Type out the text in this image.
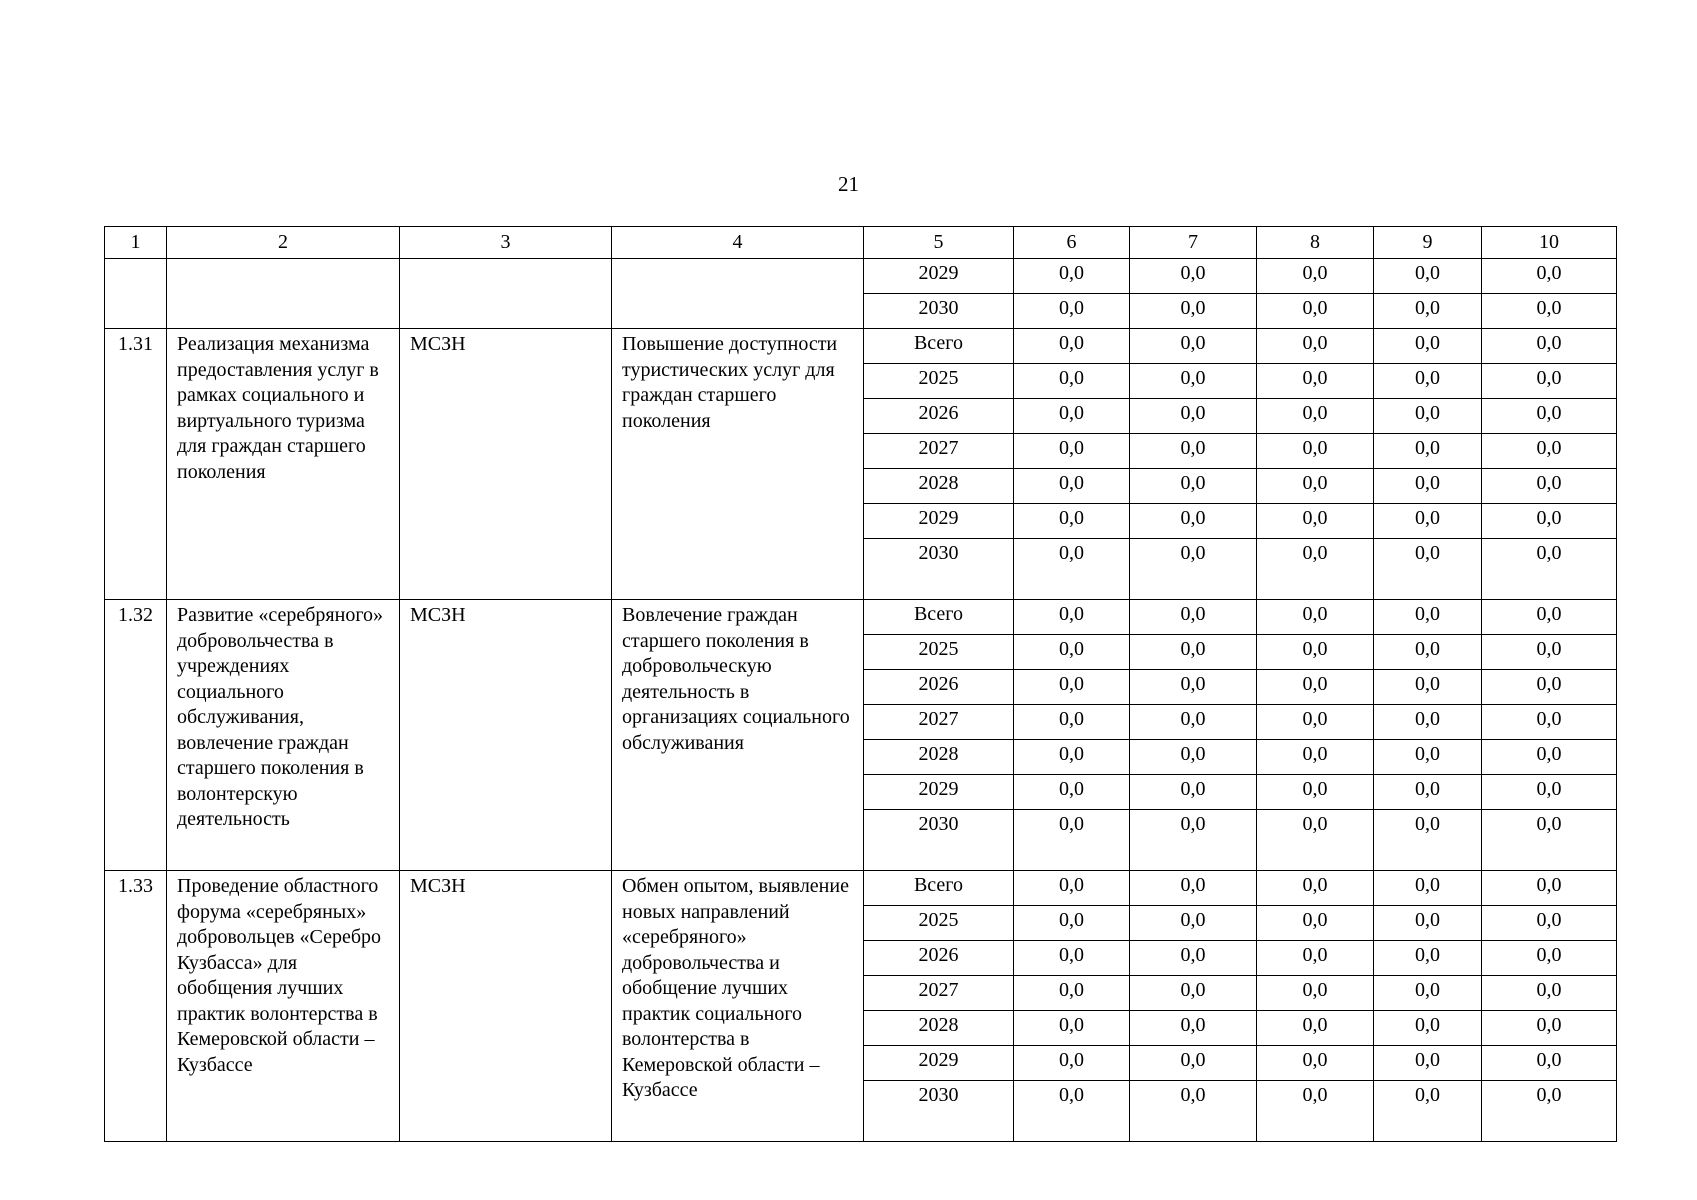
21
1	2	3	4	5	6	7	8	9	10
				2029	0,0	0,0	0,0	0,0	0,0
				2030	0,0	0,0	0,0	0,0	0,0
1.31	Реализация механизма предоставления услуг в рамках социального и виртуального туризма для граждан старшего поколения	МСЗН	Повышение доступности туристических услуг для граждан старшего поколения	Всего	0,0	0,0	0,0	0,0	0,0
				2025	0,0	0,0	0,0	0,0	0,0
				2026	0,0	0,0	0,0	0,0	0,0
				2027	0,0	0,0	0,0	0,0	0,0
				2028	0,0	0,0	0,0	0,0	0,0
				2029	0,0	0,0	0,0	0,0	0,0
				2030	0,0	0,0	0,0	0,0	0,0
1.32	Развитие «серебряного» добровольчества в учреждениях социального обслуживания, вовлечение граждан старшего поколения в волонтерскую деятельность	МСЗН	Вовлечение граждан старшего поколения в добровольческую деятельность в организациях социального обслуживания	Всего	0,0	0,0	0,0	0,0	0,0
				2025	0,0	0,0	0,0	0,0	0,0
				2026	0,0	0,0	0,0	0,0	0,0
				2027	0,0	0,0	0,0	0,0	0,0
				2028	0,0	0,0	0,0	0,0	0,0
				2029	0,0	0,0	0,0	0,0	0,0
				2030	0,0	0,0	0,0	0,0	0,0
1.33	Проведение областного форума «серебряных» добровольцев «Серебро Кузбасса» для обобщения лучших практик волонтерства в Кемеровской области – Кузбассе	МСЗН	Обмен опытом, выявление новых направлений «серебряного» добровольчества и обобщение лучших практик социального волонтерства в Кемеровской области – Кузбассе	Всего	0,0	0,0	0,0	0,0	0,0
				2025	0,0	0,0	0,0	0,0	0,0
				2026	0,0	0,0	0,0	0,0	0,0
				2027	0,0	0,0	0,0	0,0	0,0
				2028	0,0	0,0	0,0	0,0	0,0
				2029	0,0	0,0	0,0	0,0	0,0
				2030	0,0	0,0	0,0	0,0	0,0
